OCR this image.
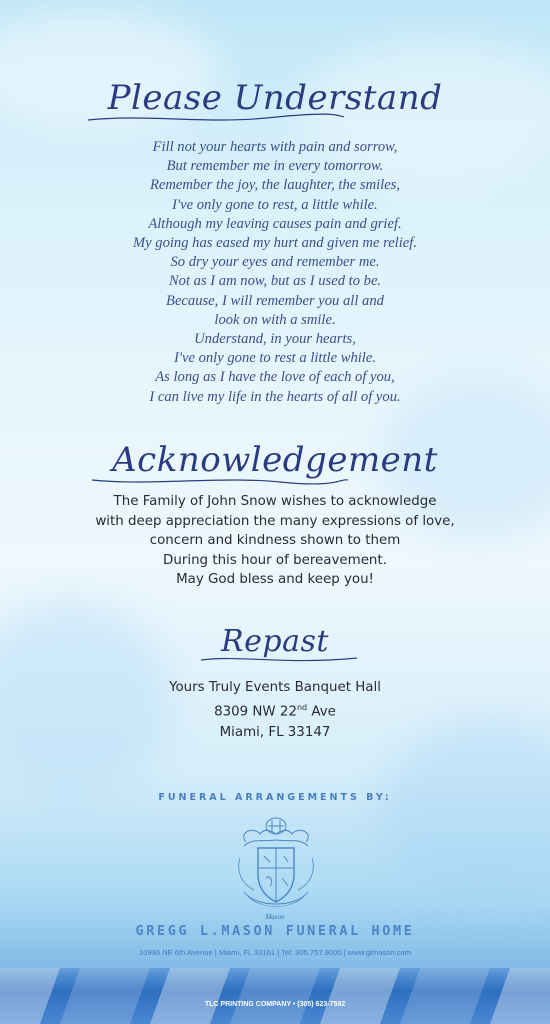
Please Understand
Fill not your hearts with pain and sorrow,
But remember me in every tomorrow.
Remember the joy, the laughter, the smiles,
I've only gone to rest, a little while.
Although my leaving causes pain and grief.
My going has eased my hurt and given me relief.
So dry your eyes and remember me.
Not as I am now, but as I used to be.
Because, I will remember you all and
look on with a smile.
Understand, in your hearts,
I've only gone to rest a little while.
As long as I have the love of each of you,
I can live my life in the hearts of all of you.
Acknowledgement
The Family of John Snow wishes to acknowledge
with deep appreciation the many expressions of love,
concern and kindness shown to them
During this hour of bereavement.
May God bless and keep you!
Repast
Yours Truly Events Banquet Hall
8309 NW 22nd Ave
Miami, FL 33147
FUNERAL ARRANGEMENTS BY:
Mason
GREGG L.MASON FUNERAL HOME
10936 NE 6th Avenue | Miami, FL 33161 | Tel: 305.757.9000 | www.glmason.com
TLC PRINTING COMPANY • (305) 623-7592
